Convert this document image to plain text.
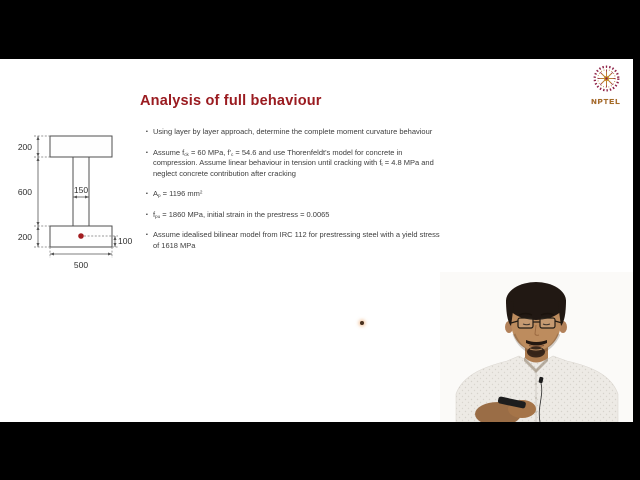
Analysis of full behaviour
▪ Using layer by layer approach, determine the complete moment curvature behaviour
▪ Assume $f_{ck} = 60$ MPa, $f'_c = 54.6$ and use Thorenfeldt's model for concrete in compression. Assume linear behaviour in tension until cracking with $f_t = 4.8$ MPa and neglect concrete contribution after cracking
▪ $A_p = 1196$ $mm^2$
▪ $f_{pu} = 1860$ MPa, initial strain in the prestress = 0.0065
▪ Assume idealised bilinear model from IRC 112 for prestressing steel with a yield stress of 1618 MPa
200
600
200
150
100
500
NPTEL
